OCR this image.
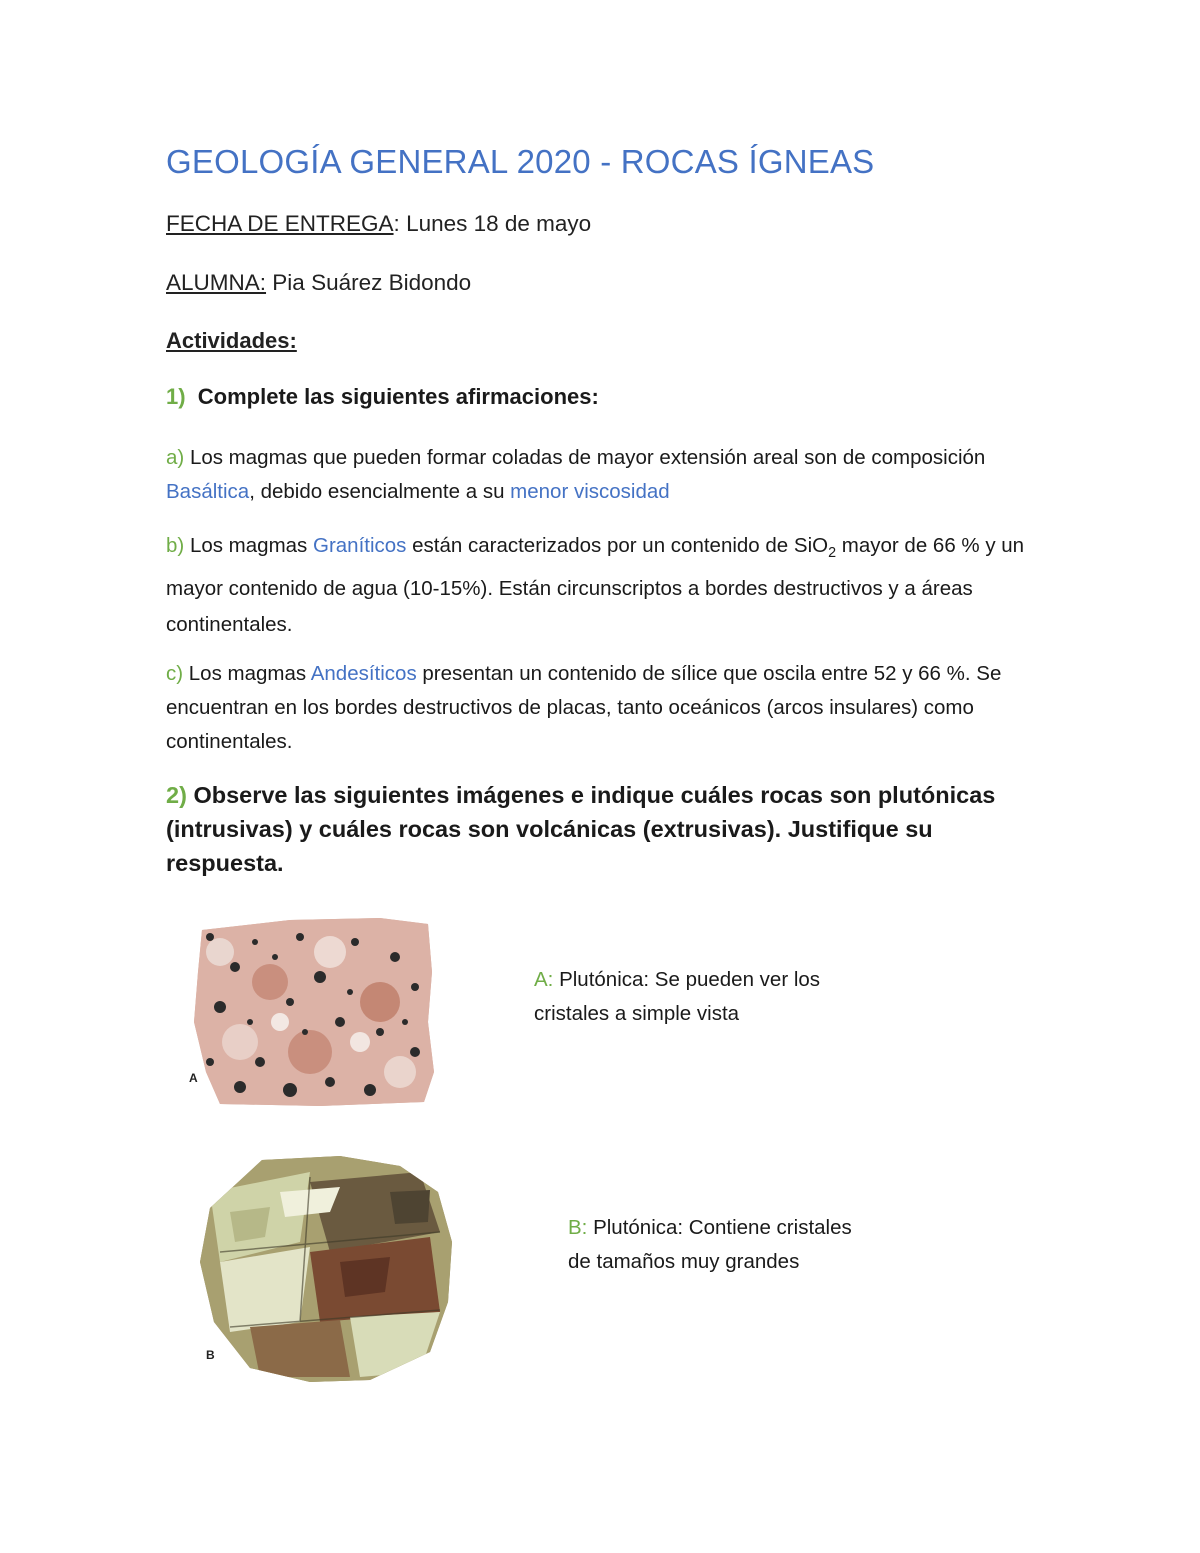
GEOLOGÍA GENERAL 2020 - ROCAS ÍGNEAS
FECHA DE ENTREGA: Lunes 18 de mayo
ALUMNA: Pia Suárez Bidondo
Actividades:
1) Complete las siguientes afirmaciones:
a) Los magmas que pueden formar coladas de mayor extensión areal son de composición Basáltica, debido esencialmente a su menor viscosidad
b) Los magmas Graníticos están caracterizados por un contenido de SiO$_2$ mayor de 66 % y un mayor contenido de agua (10-15%). Están circunscriptos a bordes destructivos y a áreas continentales.
c) Los magmas Andesíticos presentan un contenido de sílice que oscila entre 52 y 66 %. Se encuentran en los bordes destructivos de placas, tanto oceánicos (arcos insulares) como continentales.
2) Observe las siguientes imágenes e indique cuáles rocas son plutónicas (intrusivas) y cuáles rocas son volcánicas (extrusivas). Justifique su respuesta.
A
A: Plutónica: Se pueden ver los cristales a simple vista
B
B: Plutónica: Contiene cristales de tamaños muy grandes
